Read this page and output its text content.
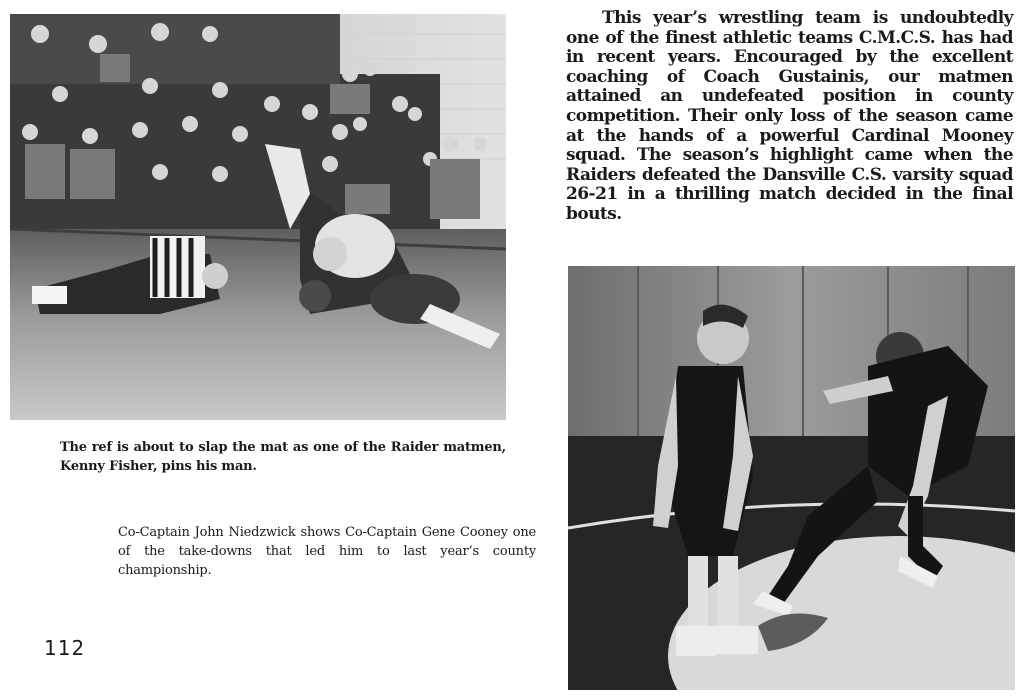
This year’s wrestling team is undoubtedly one of the finest athletic teams C.M.C.S. has had in recent years. Encouraged by the excellent coaching of Coach Gustainis, our matmen attained an undefeated position in county competition. Their only loss of the season came at the hands of a powerful Cardinal Mooney squad. The season’s highlight came when the Raiders defeated the Dansville C.S. varsity squad 26-21 in a thrilling match decided in the final bouts.

The ref is about to slap the mat as one of the Raider matmen, Kenny Fisher, pins his man.

Co-Captain John Niedzwick shows Co-Captain Gene Cooney one of the take-downs that led him to last year’s county championship.

112
